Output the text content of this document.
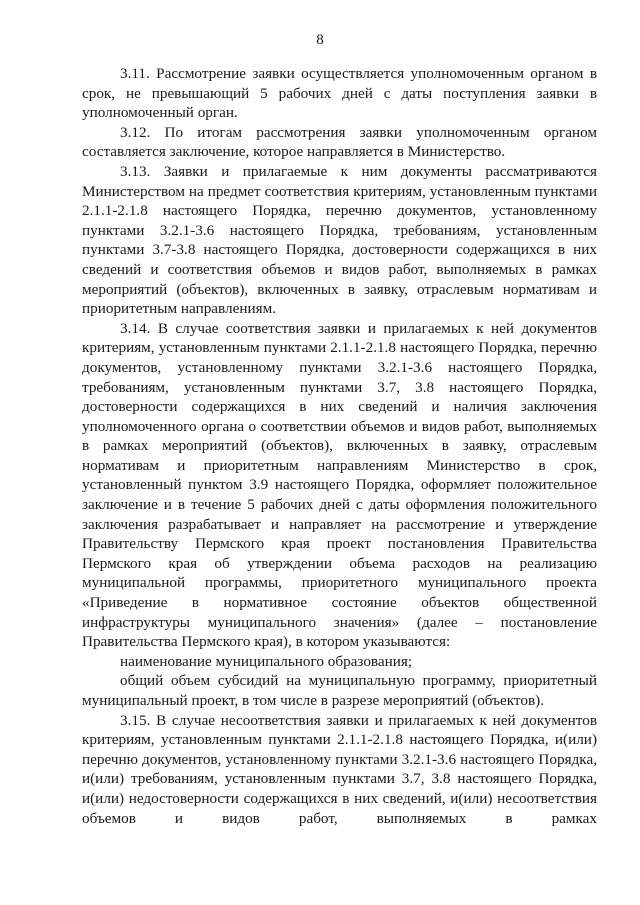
8

3.11. Рассмотрение заявки осуществляется уполномоченным органом в срок, не превышающий 5 рабочих дней с даты поступления заявки в уполномоченный орган.

3.12. По итогам рассмотрения заявки уполномоченным органом составляется заключение, которое направляется в Министерство.

3.13. Заявки и прилагаемые к ним документы рассматриваются Министерством на предмет соответствия критериям, установленным пунктами 2.1.1-2.1.8 настоящего Порядка, перечню документов, установленному пунктами 3.2.1-3.6 настоящего Порядка, требованиям, установленным пунктами 3.7-3.8 настоящего Порядка, достоверности содержащихся в них сведений и соответствия объемов и видов работ, выполняемых в рамках мероприятий (объектов), включенных в заявку, отраслевым нормативам и приоритетным направлениям.

3.14. В случае соответствия заявки и прилагаемых к ней документов критериям, установленным пунктами 2.1.1-2.1.8 настоящего Порядка, перечню документов, установленному пунктами 3.2.1-3.6 настоящего Порядка, требованиям, установленным пунктами 3.7, 3.8 настоящего Порядка, достоверности содержащихся в них сведений и наличия заключения уполномоченного органа о соответствии объемов и видов работ, выполняемых в рамках мероприятий (объектов), включенных в заявку, отраслевым нормативам и приоритетным направлениям Министерство в срок, установленный пунктом 3.9 настоящего Порядка, оформляет положительное заключение и в течение 5 рабочих дней с даты оформления положительного заключения разрабатывает и направляет на рассмотрение и утверждение Правительству Пермского края проект постановления Правительства Пермского края об утверждении объема расходов на реализацию муниципальной программы, приоритетного муниципального проекта «Приведение в нормативное состояние объектов общественной инфраструктуры муниципального значения» (далее – постановление Правительства Пермского края), в котором указываются:

наименование муниципального образования;

общий объем субсидий на муниципальную программу, приоритетный муниципальный проект, в том числе в разрезе мероприятий (объектов).

3.15. В случае несоответствия заявки и прилагаемых к ней документов критериям, установленным пунктами 2.1.1-2.1.8 настоящего Порядка, и(или) перечню документов, установленному пунктами 3.2.1-3.6 настоящего Порядка, и(или) требованиям, установленным пунктами 3.7, 3.8 настоящего Порядка, и(или) недостоверности содержащихся в них сведений, и(или) несоответствия объемов и видов работ, выполняемых в рамках
